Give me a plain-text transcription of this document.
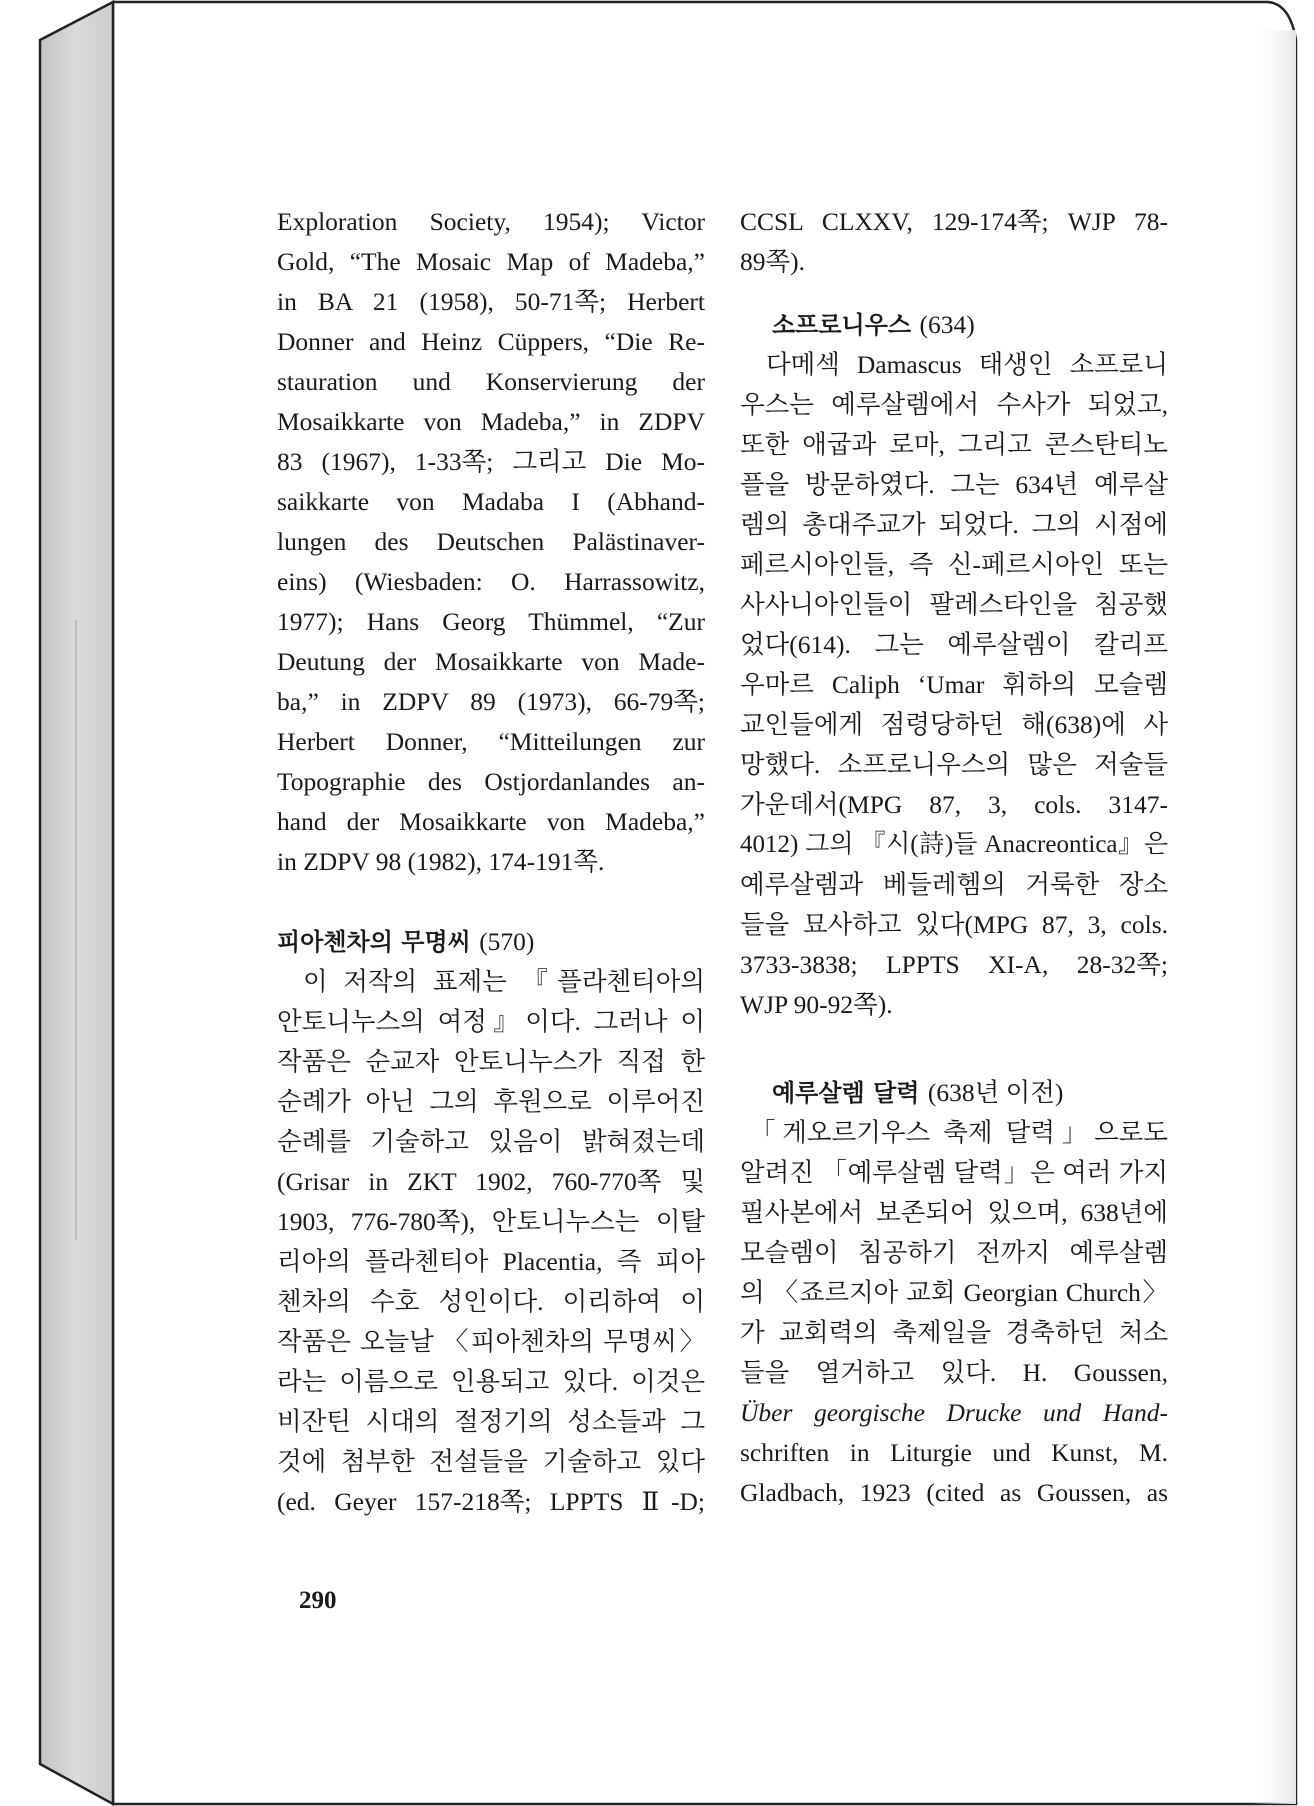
Exploration Society, 1954); Victor
Gold, “The Mosaic Map of Madeba,”
in BA 21 (1958), 50-71쪽; Herbert
Donner and Heinz Cüppers, “Die Re-
stauration und Konservierung der
Mosaikkarte von Madeba,” in ZDPV
83 (1967), 1-33쪽; 그리고 Die Mo-
saikkarte von Madaba I (Abhand-
lungen des Deutschen Palästinaver-
eins) (Wiesbaden: O. Harrassowitz,
1977); Hans Georg Thümmel, “Zur
Deutung der Mosaikkarte von Made-
ba,” in ZDPV 89 (1973), 66-79쪽;
Herbert Donner, “Mitteilungen zur
Topographie des Ostjordanlandes an-
hand der Mosaikkarte von Madeba,”
in ZDPV 98 (1982), 174-191쪽.
피아첸차의 무명씨 (570)
이 저작의 표제는 『플라첸티아의
안토니누스의 여정』이다. 그러나 이
작품은 순교자 안토니누스가 직접 한
순례가 아닌 그의 후원으로 이루어진
순례를 기술하고 있음이 밝혀졌는데
(Grisar in ZKT 1902, 760-770쪽 및
1903, 776-780쪽), 안토니누스는 이탈
리아의 플라첸티아 Placentia, 즉 피아
첸차의 수호 성인이다. 이리하여 이
작품은 오늘날 〈피아첸차의 무명씨〉
라는 이름으로 인용되고 있다. 이것은
비잔틴 시대의 절정기의 성소들과 그
것에 첨부한 전설들을 기술하고 있다
(ed. Geyer 157-218쪽; LPPTS Ⅱ-D;
CCSL CLXXV, 129-174쪽; WJP 78-
89쪽).
소프로니우스 (634)
다메섹 Damascus 태생인 소프로니
우스는 예루살렘에서 수사가 되었고,
또한 애굽과 로마, 그리고 콘스탄티노
플을 방문하였다. 그는 634년 예루살
렘의 총대주교가 되었다. 그의 시점에
페르시아인들, 즉 신-페르시아인 또는
사사니아인들이 팔레스타인을 침공했
었다(614). 그는 예루살렘이 칼리프
우마르 Caliph ‘Umar 휘하의 모슬렘
교인들에게 점령당하던 해(638)에 사
망했다. 소프로니우스의 많은 저술들
가운데서(MPG 87, 3, cols. 3147-
4012) 그의 『시(詩)들 Anacreontica』은
예루살렘과 베들레헴의 거룩한 장소
들을 묘사하고 있다(MPG 87, 3, cols.
3733-3838; LPPTS XI-A, 28-32쪽;
WJP 90-92쪽).
예루살렘 달력 (638년 이전)
「게오르기우스 축제 달력」으로도
알려진 「예루살렘 달력」은 여러 가지
필사본에서 보존되어 있으며, 638년에
모슬렘이 침공하기 전까지 예루살렘
의 〈죠르지아 교회 Georgian Church〉
가 교회력의 축제일을 경축하던 처소
들을 열거하고 있다. H. Goussen,
Über georgische Drucke und Hand-
schriften in Liturgie und Kunst, M.
Gladbach, 1923 (cited as Goussen, as
290
